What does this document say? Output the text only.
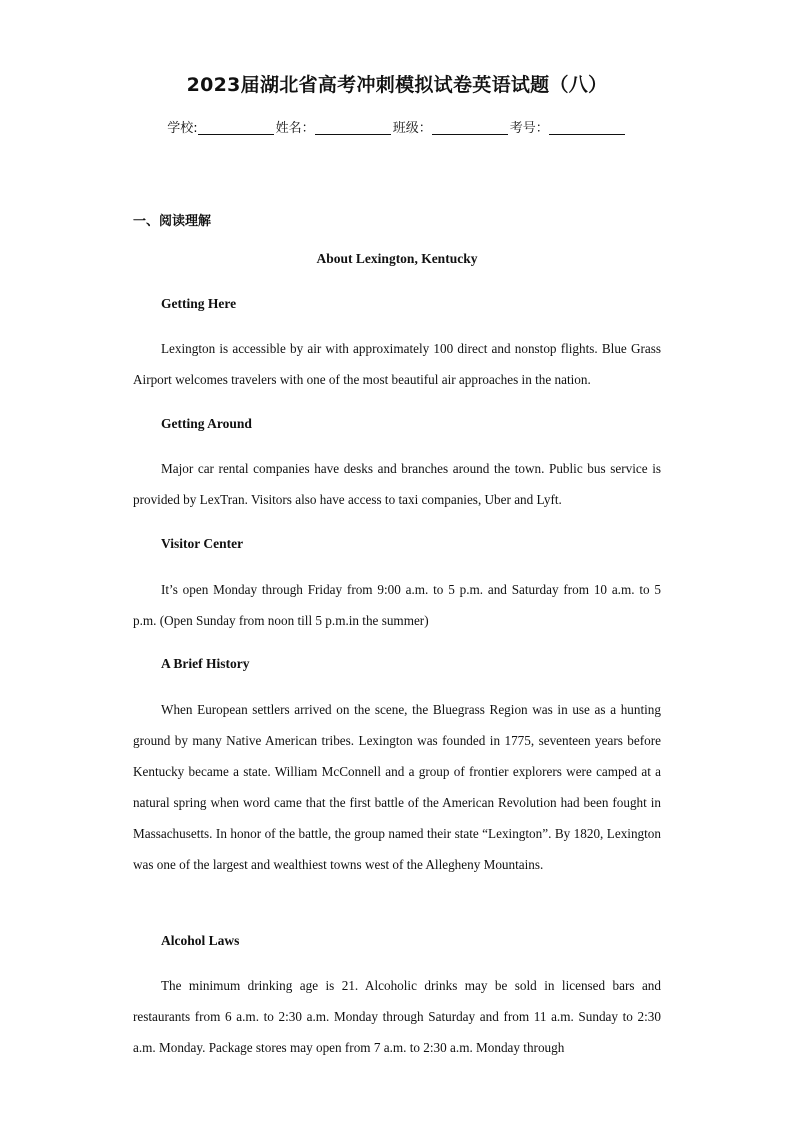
2023届湖北省高考冲刺模拟试卷英语试题（八）
学校:	姓名：	班级：	考号：
一、阅读理解
About Lexington, Kentucky
Getting Here
Lexington is accessible by air with approximately 100 direct and nonstop flights. Blue Grass Airport welcomes travelers with one of the most beautiful air approaches in the nation.
Getting Around
Major car rental companies have desks and branches around the town. Public bus service is provided by LexTran. Visitors also have access to taxi companies, Uber and Lyft.
Visitor Center
It’s open Monday through Friday from 9:00 a.m. to 5 p.m. and Saturday from 10 a.m. to 5 p.m. (Open Sunday from noon till 5 p.m.in the summer)
A Brief History
When European settlers arrived on the scene, the Bluegrass Region was in use as a hunting ground by many Native American tribes. Lexington was founded in 1775, seventeen years before Kentucky became a state. William McConnell and a group of frontier explorers were camped at a natural spring when word came that the first battle of the American Revolution had been fought in Massachusetts. In honor of the battle, the group named their state “Lexington”. By 1820, Lexington was one of the largest and wealthiest towns west of the Allegheny Mountains.
Alcohol Laws
The minimum drinking age is 21. Alcoholic drinks may be sold in licensed bars and restaurants from 6 a.m. to 2:30 a.m. Monday through Saturday and from 11 a.m. Sunday to 2:30 a.m. Monday. Package stores may open from 7 a.m. to 2:30 a.m. Monday through
